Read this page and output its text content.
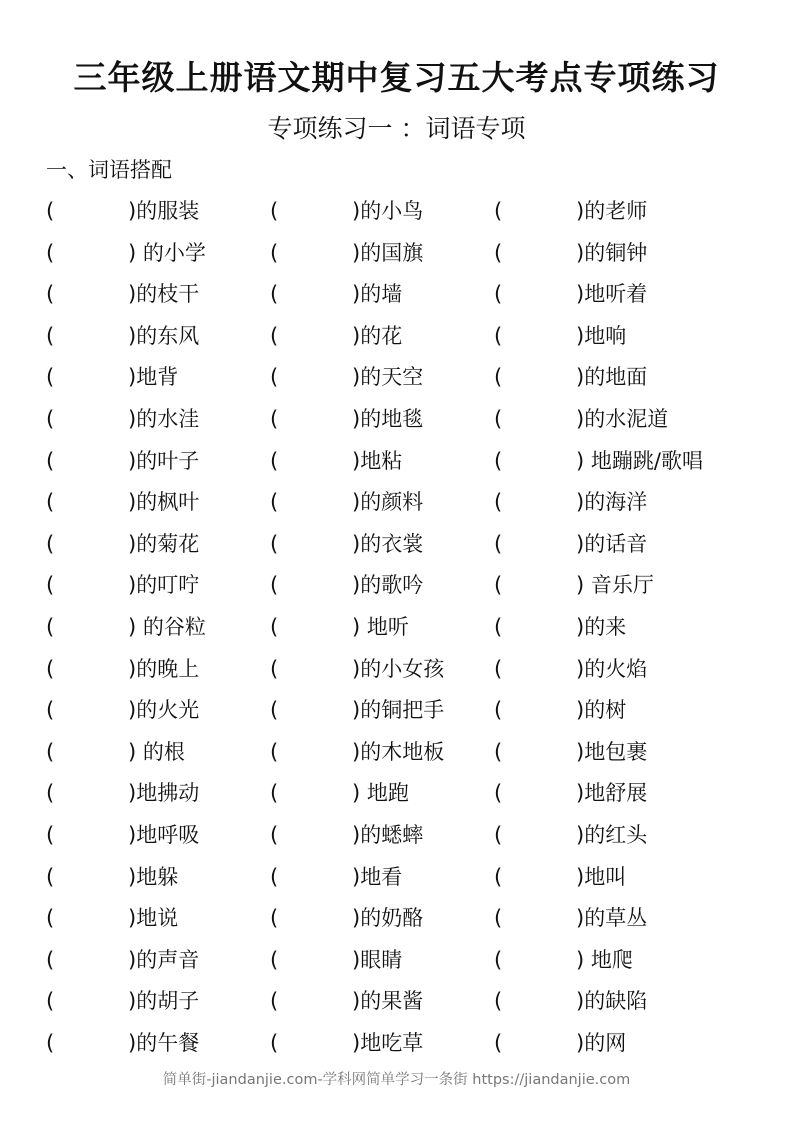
三年级上册语文期中复习五大考点专项练习
专项练习一 ：词语专项
一、词语搭配
(	)的服装	(	)的小鸟	(	)的老师
(	) 的小学	(	)的国旗	(	)的铜钟
(	)的枝干	(	)的墙	(	)地听着
(	)的东风	(	)的花	(	)地响
(	)地背	(	)的天空	(	)的地面
(	)的水洼	(	)的地毯	(	)的水泥道
(	)的叶子	(	)地粘	(	) 地蹦跳/歌唱
(	)的枫叶	(	)的颜料	(	)的海洋
(	)的菊花	(	)的衣裳	(	)的话音
(	)的叮咛	(	)的歌吟	(	) 音乐厅
(	) 的谷粒	(	) 地听	(	)的来
(	)的晚上	(	)的小女孩 (	)的火焰
(	)的火光	(	)的铜把手 (	)的树
(	) 的根	(	)的木地板 (	)地包裹
(	)地拂动	(	) 地跑	(	)地舒展
(	)地呼吸	(	)的蟋蟀	(	)的红头
(	)地躲	(	)地看	(	)地叫
(	)地说	(	)的奶酪	(	)的草丛
(	)的声音	(	)眼睛	(	) 地爬
(	)的胡子	(	)的果酱	(	)的缺陷
(	)的午餐	(	)地吃草	(	)的网
简单街-jiandanjie.com-学科网简单学习一条街 https://jiandanjie.com
